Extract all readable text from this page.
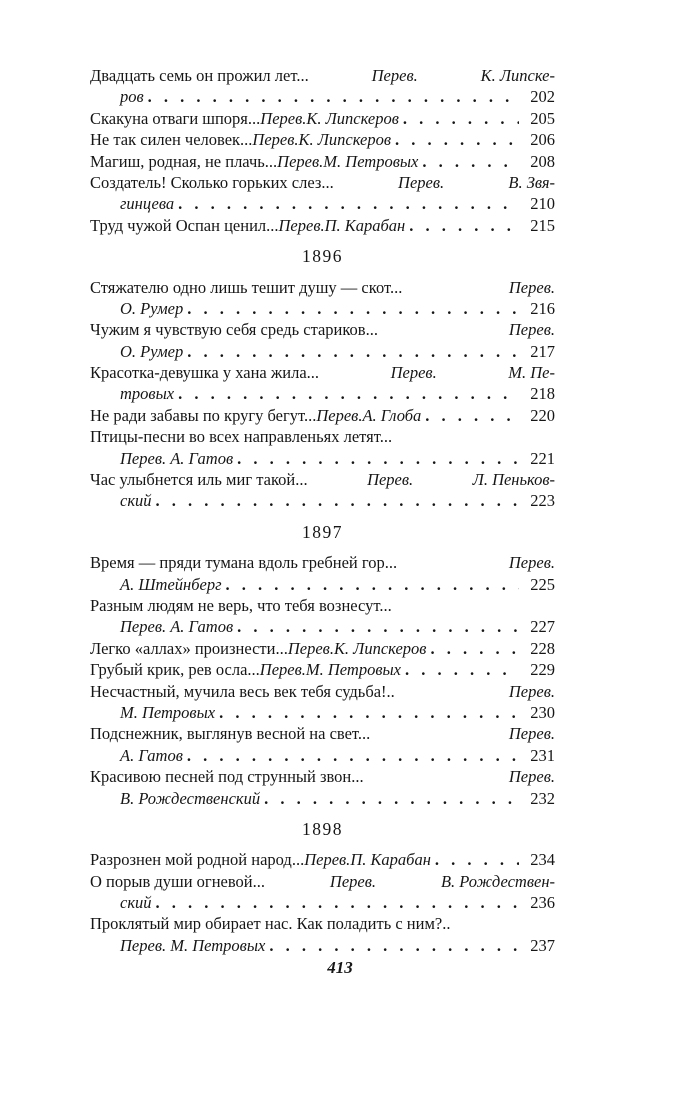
Двадцать семь он прожил лет...	Перев.	К. Липске-
ров . . .	202
Скакуна отваги шпоря... Перев. К. Липскеров . . .	205
Не так силен человек... Перев. К. Липскеров . . .	206
Магиш, родная, не плачь... Перев. М. Петровых . . .	208
Создатель! Сколько горьких слез...	Перев.	В. Звя-
гинцева . . .	210
Труд чужой Оспан ценил... Перев. П. Карабан . . .	215
1896
Стяжателю одно лишь тешит душу — скот...	Перев.
О. Румер . . .	216
Чужим я чувствую себя средь стариков...	Перев.
О. Румер . . .	217
Красотка-девушка у хана жила...	Перев.	М. Пе-
тровых . . .	218
Не ради забавы по кругу бегут... Перев. А. Глоба . . .	220
Птицы-песни во всех направленьях летят...
Перев. А. Гатов . . .	221
Час улыбнется иль миг такой...	Перев.	Л. Пеньков-
ский . . .	223
1897
Время — пряди тумана вдоль гребней гор...	Перев.
А. Штейнберг . . .	225
Разным людям не верь, что тебя вознесут...
Перев. А. Гатов . . .	227
Легко «аллах» произнести... Перев. К. Липскеров . . .	228
Грубый крик, рев осла... Перев. М. Петровых . . .	229
Несчастный, мучила весь век тебя судьба!..	Перев.
М. Петровых . . .	230
Подснежник, выглянув весной на свет...	Перев.
А. Гатов . . .	231
Красивою песней под струнный звон...	Перев.
В. Рождественский . . .	232
1898
Разрознен мой родной народ... Перев. П. Карабан . . .	234
О порыв души огневой...	Перев.	В. Рождествен-
ский . . .	236
Проклятый мир обирает нас. Как поладить с ним?..
Перев. М. Петровых . . .	237
413
